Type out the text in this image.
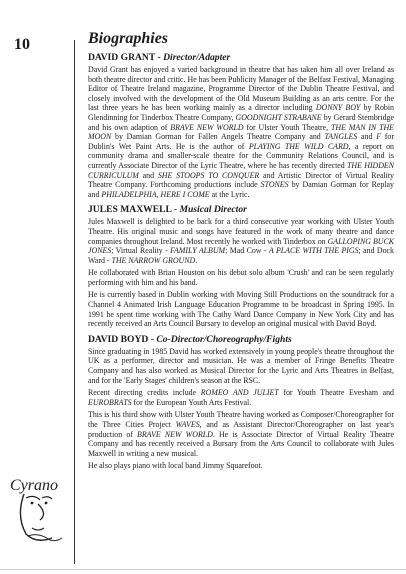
10
Cyrano
Biographies
DAVID GRANT - Director/Adapter

David Grant has enjoyed a varied background in theatre that has taken him all over Ireland as both theatre director and critic. He has been Publicity Manager of the Belfast Festival, Managing Editor of Theatre Ireland magazine, Programme Director of the Dublin Theatre Festival, and closely involved with the development of the Old Museum Building as an arts centre. For the last three years he has been working mainly as a director including DONNY BOY by Robin Glendinning for Tinderbox Theatre Company, GOODNIGHT STRABANE by Gerard Stembridge and his own adaption of BRAVE NEW WORLD for Ulster Youth Theatre, THE MAN IN THE MOON by Damian Gorman for Fallen Angels Theatre Company and TANGLES and F for Dublin's Wet Paint Arts. He is the author of PLAYING THE WILD CARD, a report on community drama and smaller-scale theatre for the Community Relations Council, and is currently Associate Director of the Lyric Theatre, where he has recently directed THE HIDDEN CURRICULUM and SHE STOOPS TO CONQUER and Artistic Director of Virtual Reality Theatre Company. Forthcoming productions include STONES by Damian Gorman for Replay and PHILADELPHIA, HERE I COME at the Lyric.

JULES MAXWELL - Musical Director

Jules Maxwell is delighted to be back for a third consecutive year working with Ulster Youth Theatre. His original music and songs have featured in the work of many theatre and dance companies throughout Ireland. Most recently he worked with Tinderbox on GALLOPING BUCK JONES; Virtual Reality - FAMILY ALBUM; Mad Cow - A PLACE WITH THE PIGS; and Dock Ward - THE NARROW GROUND.

He collaborated with Brian Houston on his debut solo album 'Crush' and can be seen regularly performing with him and his band.

He is currently based in Dublin working with Moving Still Productions on the soundtrack for a Channel 4 Animated Irish Language Education Programme to be broadcast in Spring 1995. In 1991 he spent time working with The Cathy Ward Dance Company in New York City and has recently received an Arts Council Bursary to develop an original musical with David Boyd.

DAVID BOYD - Co-Director/Choreography/Fights

Since graduating in 1985 David has worked extensively in young people's theatre throughout the UK as a performer, director and musician. He was a member of Fringe Benefits Theatre Company and has also worked as Musical Director for the Lyric and Arts Theatres in Belfast, and for the 'Early Stages' children's season at the RSC.

Recent directing credits include ROMEO AND JULIET for Youth Theatre Evesham and EUROBRATS for the European Youth Arts Festival.

This is his third show with Ulster Youth Theatre having worked as Composer/Choreographer for the Three Cities Project WAVES, and as Assistant Director/Choreographer on last year's production of BRAVE NEW WORLD. He is Associate Director of Virtual Reality Theatre Company and has recently received a Bursary from the Arts Council to collaborate with Jules Maxwell in writing a new musical.

He also plays piano with local band Jimmy Squarefoot.
